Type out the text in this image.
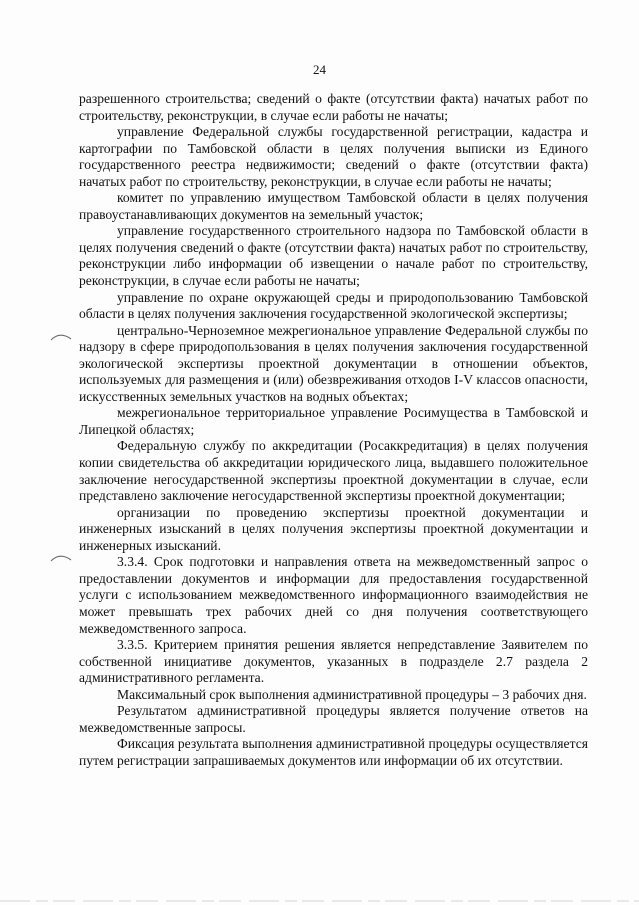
24

разрешенного строительства; сведений о факте (отсутствии факта) начатых работ по строительству, реконструкции, в случае если работы не начаты;

управление Федеральной службы государственной регистрации, кадастра и картографии по Тамбовской области в целях получения выписки из Единого государственного реестра недвижимости; сведений о факте (отсутствии факта) начатых работ по строительству, реконструкции, в случае если работы не начаты;

комитет по управлению имуществом Тамбовской области в целях получения правоустанавливающих документов на земельный участок;

управление государственного строительного надзора по Тамбовской области в целях получения сведений о факте (отсутствии факта) начатых работ по строительству, реконструкции либо информации об извещении о начале работ по строительству, реконструкции, в случае если работы не начаты;

управление по охране окружающей среды и природопользованию Тамбовской области в целях получения заключения государственной экологической экспертизы;

центрально-Черноземное межрегиональное управление Федеральной службы по надзору в сфере природопользования в целях получения заключения государственной экологической экспертизы проектной документации в отношении объектов, используемых для размещения и (или) обезвреживания отходов I-V классов опасности, искусственных земельных участков на водных объектах;

межрегиональное территориальное управление Росимущества в Тамбовской и Липецкой областях;

Федеральную службу по аккредитации (Росаккредитация) в целях получения копии свидетельства об аккредитации юридического лица, выдавшего положительное заключение негосударственной экспертизы проектной документации в случае, если представлено заключение негосударственной экспертизы проектной документации;

организации по проведению экспертизы проектной документации и инженерных изысканий в целях получения экспертизы проектной документации и инженерных изысканий.

3.3.4. Срок подготовки и направления ответа на межведомственный запрос о предоставлении документов и информации для предоставления государственной услуги с использованием межведомственного информационного взаимодействия не может превышать трех рабочих дней со дня получения соответствующего межведомственного запроса.

3.3.5. Критерием принятия решения является непредставление Заявителем по собственной инициативе документов, указанных в подразделе 2.7 раздела 2 административного регламента.

Максимальный срок выполнения административной процедуры – 3 рабочих дня.

Результатом административной процедуры является получение ответов на межведомственные запросы.

Фиксация результата выполнения административной процедуры осуществляется путем регистрации запрашиваемых документов или информации об их отсутствии.
